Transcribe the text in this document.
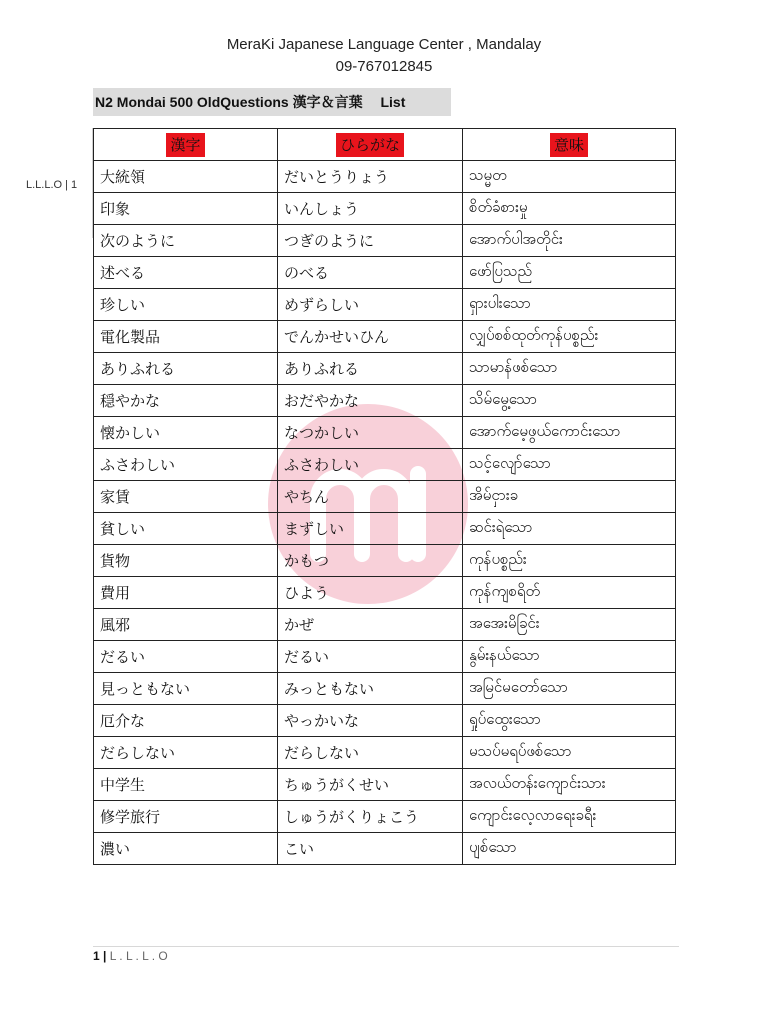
MeraKi Japanese Language Center , Mandalay
09-767012845
L.L.L.O | 1
N2 Mondai 500 OldQuestions 漢字＆言葉　 List
漢字	ひらがな	意味
大統領	だいとうりょう	သမ္မတ
印象	いんしょう	စိတ်ခံစားမှု
次のように	つぎのように	အောက်ပါအတိုင်း
述べる	のべる	ဖော်ပြသည်
珍しい	めずらしい	ရှားပါးသော
電化製品	でんかせいひん	လျှပ်စစ်ထုတ်ကုန်ပစ္စည်း
ありふれる	ありふれる	သာမာန်ဖစ်သော
穏やかな	おだやかな	သိမ်မွေ့သော
懐かしい	なつかしい	အောက်မေ့ဖွယ်ကောင်းသော
ふさわしい	ふさわしい	သင့်လျော်သော
家賃	やちん	အိမ်ငှားခ
貧しい	まずしい	ဆင်းရဲသော
貨物	かもつ	ကုန်ပစ္စည်း
費用	ひよう	ကုန်ကျစရိတ်
風邪	かぜ	အအေးမိခြင်း
だるい	だるい	နွမ်းနယ်သော
見っともない	みっともない	အမြင်မတော်သော
厄介な	やっかいな	ရှုပ်ထွေးသော
だらしない	だらしない	မသပ်မရပ်ဖစ်သော
中学生	ちゅうがくせい	အလယ်တန်းကျောင်းသား
修学旅行	しゅうがくりょこう	ကျောင်းလေ့လာရေးခရီး
濃い	こい	ပျစ်သော
1 | L . L . L . O
